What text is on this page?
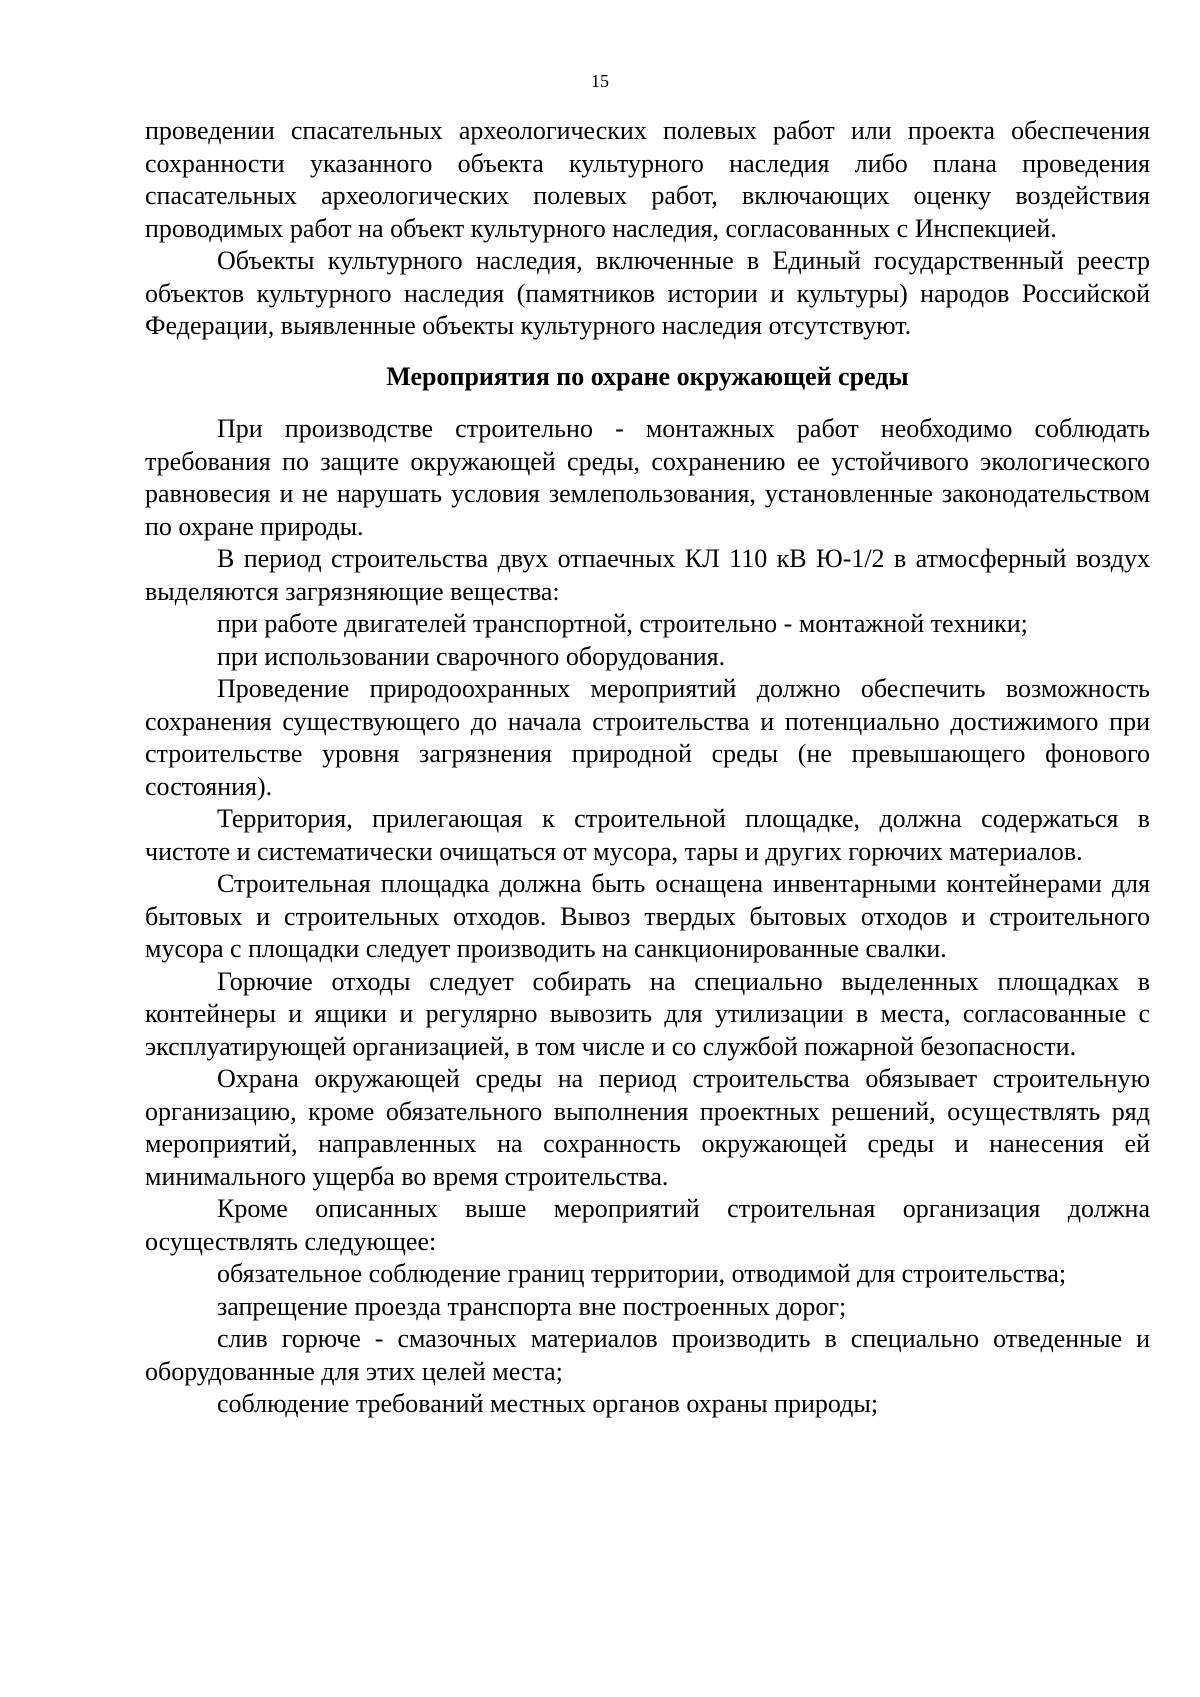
15

проведении спасательных археологических полевых работ или проекта обеспечения сохранности указанного объекта культурного наследия либо плана проведения спасательных археологических полевых работ, включающих оценку воздействия проводимых работ на объект культурного наследия, согласованных с Инспекцией.

Объекты культурного наследия, включенные в Единый государственный реестр объектов культурного наследия (памятников истории и культуры) народов Российской Федерации, выявленные объекты культурного наследия отсутствуют.

Мероприятия по охране окружающей среды

При производстве строительно - монтажных работ необходимо соблюдать требования по защите окружающей среды, сохранению ее устойчивого экологического равновесия и не нарушать условия землепользования, установленные законодательством по охране природы.

В период строительства двух отпаечных КЛ 110 кВ Ю-1/2 в атмосферный воздух выделяются загрязняющие вещества:

при работе двигателей транспортной, строительно - монтажной техники;

при использовании сварочного оборудования.

Проведение природоохранных мероприятий должно обеспечить возможность сохранения существующего до начала строительства и потенциально достижимого при строительстве уровня загрязнения природной среды (не превышающего фонового состояния).

Территория, прилегающая к строительной площадке, должна содержаться в чистоте и систематически очищаться от мусора, тары и других горючих материалов.

Строительная площадка должна быть оснащена инвентарными контейнерами для бытовых и строительных отходов. Вывоз твердых бытовых отходов и строительного мусора с площадки следует производить на санкционированные свалки.

Горючие отходы следует собирать на специально выделенных площадках в контейнеры и ящики и регулярно вывозить для утилизации в места, согласованные с эксплуатирующей организацией, в том числе и со службой пожарной безопасности.

Охрана окружающей среды на период строительства обязывает строительную организацию, кроме обязательного выполнения проектных решений, осуществлять ряд мероприятий, направленных на сохранность окружающей среды и нанесения ей минимального ущерба во время строительства.

Кроме описанных выше мероприятий строительная организация должна осуществлять следующее:

обязательное соблюдение границ территории, отводимой для строительства;

запрещение проезда транспорта вне построенных дорог;

слив горюче - смазочных материалов производить в специально отведенные и оборудованные для этих целей места;

соблюдение требований местных органов охраны природы;
